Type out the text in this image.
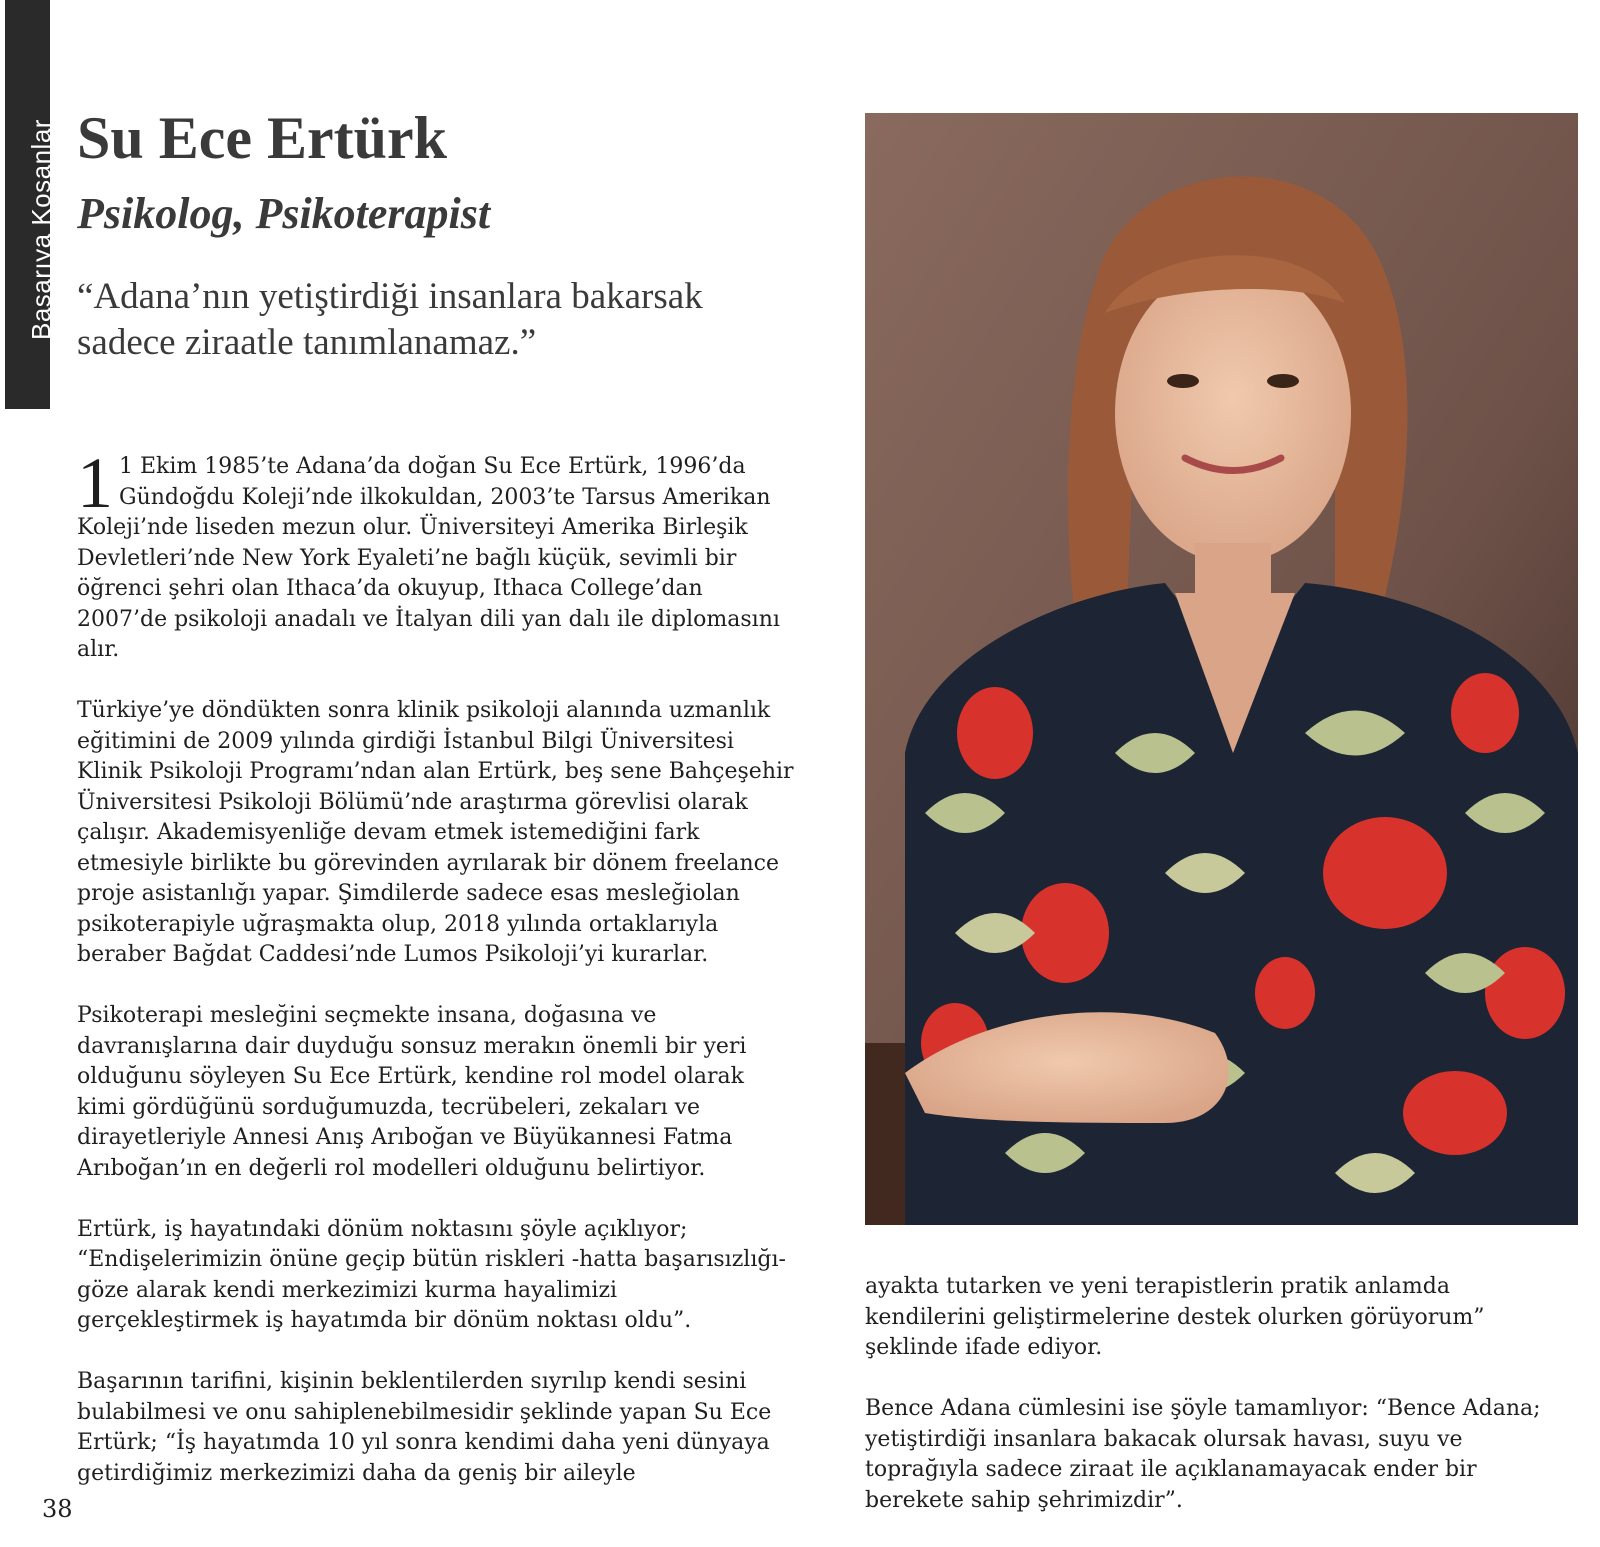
Başarıya Koşanlar Su Ece Ertürk
Psikolog, Psikoterapist

“Adana’nın yetiştirdiği insanlara bakarsak sadece ziraatle tanımlanamaz.”

1 1 Ekim 1985’te Adana’da doğan Su Ece Ertürk, 1996’da Gündoğdu Koleji’nde ilkokuldan, 2003’te Tarsus Amerikan Koleji’nde liseden mezun olur. Üniversiteyi Amerika Birleşik Devletleri’nde New York Eyaleti’ne bağlı küçük, sevimli bir öğrenci şehri olan Ithaca’da okuyup, Ithaca College’dan 2007’de psikoloji anadalı ve İtalyan dili yan dalı ile diplomasını alır.

Türkiye’ye döndükten sonra klinik psikoloji alanında uzmanlık eğitimini de 2009 yılında girdiği İstanbul Bilgi Üniversitesi Klinik Psikoloji Programı’ndan alan Ertürk, beş sene Bahçeşehir Üniversitesi Psikoloji Bölümü’nde araştırma görevlisi olarak çalışır. Akademisyenliğe devam etmek istemediğini fark etmesiyle birlikte bu görevinden ayrılarak bir dönem freelance proje asistanlığı yapar. Şimdilerde sadece esas mesleğiolan psikoterapiyle uğraşmakta olup, 2018 yılında ortaklarıyla beraber Bağdat Caddesi’nde Lumos Psikoloji’yi kurarlar.

Psikoterapi mesleğini seçmekte insana, doğasına ve davranışlarına dair duyduğu sonsuz merakın önemli bir yeri olduğunu söyleyen Su Ece Ertürk, kendine rol model olarak kimi gördüğünü sorduğumuzda, tecrübeleri, zekaları ve dirayetleriyle Annesi Anış Arıboğan ve Büyükannesi Fatma Arıboğan’ın en değerli rol modelleri olduğunu belirtiyor.

Ertürk, iş hayatındaki dönüm noktasını şöyle açıklıyor; “Endişelerimizin önüne geçip bütün riskleri -hatta başarısızlığı- göze alarak kendi merkezimizi kurma hayalimizi gerçekleştirmek iş hayatımda bir dönüm noktası oldu”.

Başarının tarifini, kişinin beklentilerden sıyrılıp kendi sesini bulabilmesi ve onu sahiplenebilmesidir şeklinde yapan Su Ece Ertürk; “İş hayatımda 10 yıl sonra kendimi daha yeni dünyaya getirdiğimiz merkezimizi daha da geniş bir aileyle

ayakta tutarken ve yeni terapistlerin pratik anlamda kendilerini geliştirmelerine destek olurken görüyorum” şeklinde ifade ediyor.

Bence Adana cümlesini ise şöyle tamamlıyor: “Bence Adana; yetiştirdiği insanlara bakacak olursak havası, suyu ve toprağıyla sadece ziraat ile açıklanamayacak ender bir berekete sahip şehrimizdir”.

38
